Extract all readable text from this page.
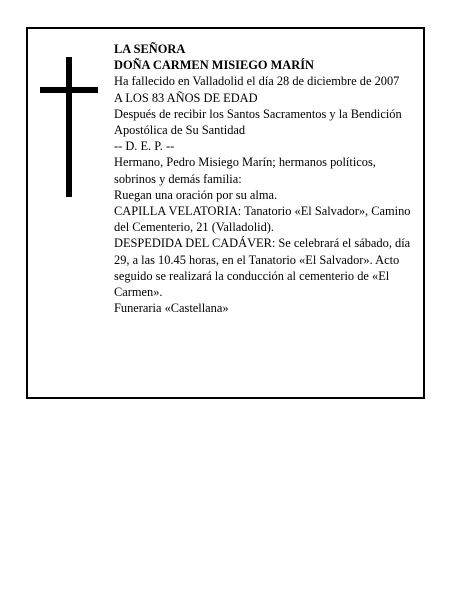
LA SEÑORA

DOÑA CARMEN MISIEGO MARÍN

Ha fallecido en Valladolid el día 28 de diciembre de 2007

A LOS 83 AÑOS DE EDAD

Después de recibir los Santos Sacramentos y la Bendición Apostólica de Su Santidad

-- D. E. P. --

Hermano, Pedro Misiego Marín; hermanos políticos, sobrinos y demás familia:

Ruegan una oración por su alma.

CAPILLA VELATORIA: Tanatorio «El Salvador», Camino del Cementerio, 21 (Valladolid).

DESPEDIDA DEL CADÁVER: Se celebrará el sábado, día 29, a las 10.45 horas, en el Tanatorio «El Salvador». Acto seguido se realizará la conducción al cementerio de «El Carmen».

Funeraria «Castellana»
